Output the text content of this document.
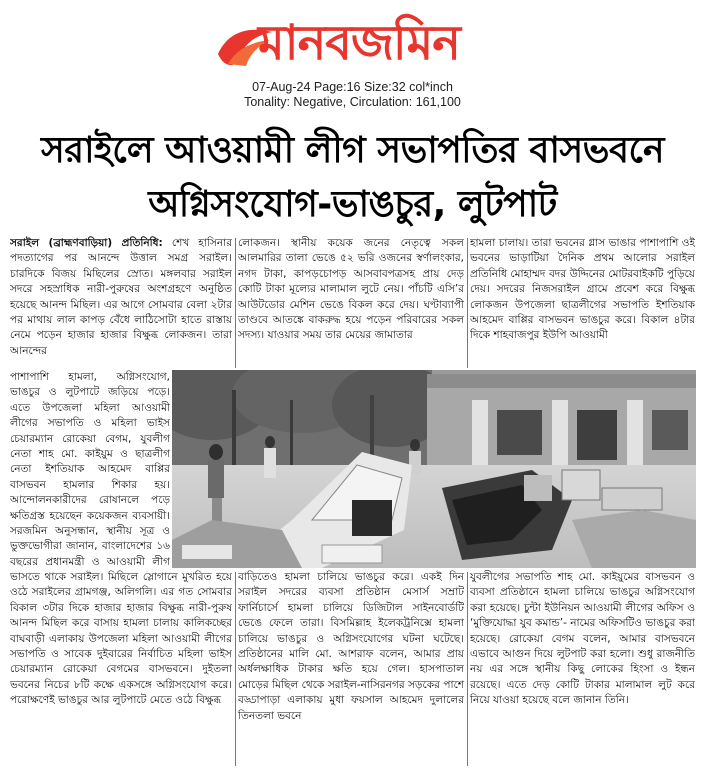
মানবজমিন
07-Aug-24 Page:16 Size:32 col*inch
Tonality: Negative, Circulation: 161,100
সরাইলে আওয়ামী লীগ সভাপতির বাসভবনে
অগ্নিসংযোগ-ভাঙচুর, লুটপাট

সরাইল (ব্রাহ্মণবাড়িয়া) প্রতিনিধি: শেখ হাসিনার পদত্যাগের পর আনন্দে উত্তাল সমগ্র সরাইল। চারদিকে বিজয় মিছিলের স্রোত। মঙ্গলবার সরাইল সদরে সহস্রাধিক নারী-পুরুষের অংশগ্রহণে অনুষ্ঠিত হয়েছে আনন্দ মিছিল। এর আগে সোমবার বেলা ২টার পর মাথায় লাল কাপড় বেঁধে লাঠিসোটা হাতে রাস্তায় নেমে পড়েন হাজার হাজার বিক্ষুব্ধ লোকজন। তারা আনন্দের

লোকজন। স্থানীয় কয়েক জনের নেতৃত্বে সকল আলমারির তালা ভেঙে ৫২ ভরি ওজনের স্বর্ণালংকার, নগদ টাকা, কাপড়চোপড় আসবাবপত্রসহ প্রায় দেড় কোটি টাকা মূল্যের মালামাল লুটে নেয়। পাঁচটি এসি’র আউটডোর মেশিন ভেঙে বিকল করে দেয়। ঘণ্টাব্যাপী তাণ্ডবে আতঙ্কে বাকরুদ্ধ হয়ে পড়েন পরিবারের সকল সদস্য। যাওয়ার সময় তার মেয়ের জামাতার

হামলা চালায়। তারা ভবনের গ্লাস ভাঙার পাশাপাশি ওই ভবনের ভাড়াটিয়া দৈনিক প্রথম আলোর সরাইল প্রতিনিধি মোহাম্মদ বদর উদ্দিনের মোটরবাইকটি পুড়িয়ে দেয়। সদরের নিজসরাইল গ্রামে প্রবেশ করে বিক্ষুব্ধ লোকজন উপজেলা ছাত্রলীগের সভাপতি ইশতিয়াক আহমেদ বাপ্পির বাসভবন ভাঙচুর করে। বিকাল ৪টার দিকে শাহবাজপুর ইউপি আওয়ামী

পাশাপাশি হামলা, অগ্নিসংযোগ, ভাঙচুর ও লুটপাটে জড়িয়ে পড়ে। এতে উপজেলা মহিলা আওয়ামী লীগের সভাপতি ও মহিলা ভাইস চেয়ারম্যান রোকেয়া বেগম, যুবলীগ নেতা শাহ মো. কাইয়ুম ও ছাত্রলীগ নেতা ইশতিয়াক আহমেদ বাপ্পির বাসভবন হামলার শিকার হয়। আন্দোলনকারীদের রোষানলে পড়ে ক্ষতিগ্রস্ত হয়েছেন কয়েকজন ব্যবসায়ী। সরজমিন অনুসন্ধান, স্থানীয় সূত্র ও ভুক্তভোগীরা জানান, বাংলাদেশের ১৬ বছরের প্রধানমন্ত্রী ও আওয়ামী লীগ

ভাসতে থাকে সরাইল। মিছিলে স্লোগানে মুখরিত হয়ে ওঠে সরাইলের গ্রামগঞ্জ, অলিগলি। এর গত সোমবার বিকাল ৩টার দিকে হাজার হাজার বিক্ষুব্ধ নারী-পুরুষ আনন্দ মিছিল করে বাসায় হামলা চালায় কালিকচ্ছের বাঘবাড়ী এলাকায় উপজেলা মহিলা আওয়ামী লীগের সভাপতি ও সাবেক দুইবারের নির্বাচিত মহিলা ভাইস চেয়ারম্যান রোকেয়া বেগমের বাসভবনে। দুইতলা ভবনের নিচের ৮টি কক্ষে একসঙ্গে অগ্নিসংযোগ করে। পরোক্ষণেই ভাঙচুর আর লুটপাটে মেতে ওঠে বিক্ষুব্ধ

বাড়িতেও হামলা চালিয়ে ভাঙচুর করে। একই দিন সরাইল সদরের ব্যবসা প্রতিষ্ঠান মেসার্স সম্রাট ফার্নিচার্সে হামলা চালিয়ে ডিজিটাল সাইনবোর্ডটি ভেঙে ফেলে তারা। বিসমিল্লাহ ইলেকট্রনিক্সে হামলা চালিয়ে ভাঙচুর ও অগ্নিসংযোগের ঘটনা ঘটেছে। প্রতিষ্ঠানের মালি মো. আশরাফ বলেন, আমার প্রায় অর্ধলক্ষাধিক টাকার ক্ষতি হয়ে গেল। হাসপাতাল মোড়ের মিছিল থেকে সরাইল-নাসিরনগর সড়কের পাশে বড্ডাপাড়া এলাকায় মুধা ফয়সাল আহমেদ দুলালের তিনতলা ভবনে

যুবলীগের সভাপতি শাহ মো. কাইয়ুমের বাসভবন ও ব্যবসা প্রতিষ্ঠানে হামলা চালিয়ে ভাঙচুর অগ্নিসংযোগ করা হয়েছে। চুন্টা ইউনিয়ন আওয়ামী লীগের অফিস ও ‘মুক্তিযোদ্ধা যুব কমান্ড’- নামের অফিসটিও ভাঙচুর করা হয়েছে। রোকেয়া বেগম বলেন, আমার বাসভবনে এভাবে আগুন দিয়ে লুটপাট করা হলো। শুধু রাজনীতি নয় এর সঙ্গে স্থানীয় কিছু লোকের হিংসা ও ইন্ধন রয়েছে। এতে দেড় কোটি টাকার মালামাল লুট করে নিয়ে যাওয়া হয়েছে বলে জানান তিনি।
